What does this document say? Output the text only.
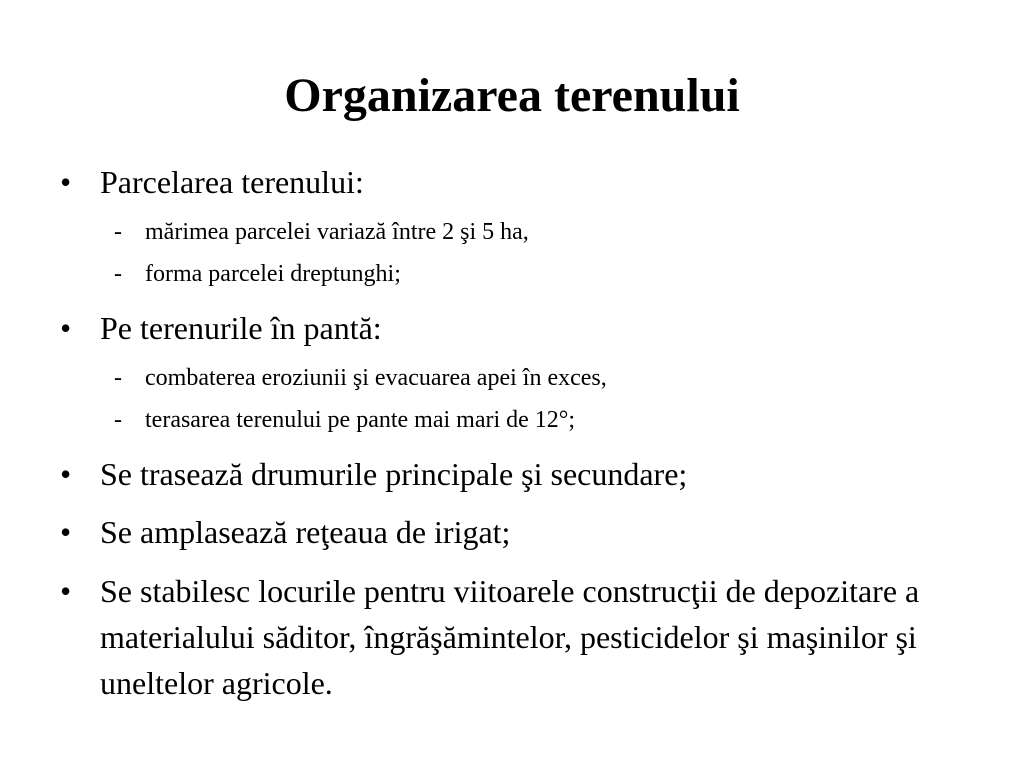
Organizarea terenului
• Parcelarea terenului:
- mărimea parcelei variază între 2 şi 5 ha,
- forma parcelei dreptunghi;
• Pe terenurile în pantă:
- combaterea eroziunii şi evacuarea apei în exces,
- terasarea terenului pe pante mai mari de 12°;
• Se trasează drumurile principale şi secundare;
• Se amplasează reţeaua de irigat;
• Se stabilesc locurile pentru viitoarele construcţii de depozitare a materialului săditor, îngrăşămintelor, pesticidelor şi maşinilor şi uneltelor agricole.
